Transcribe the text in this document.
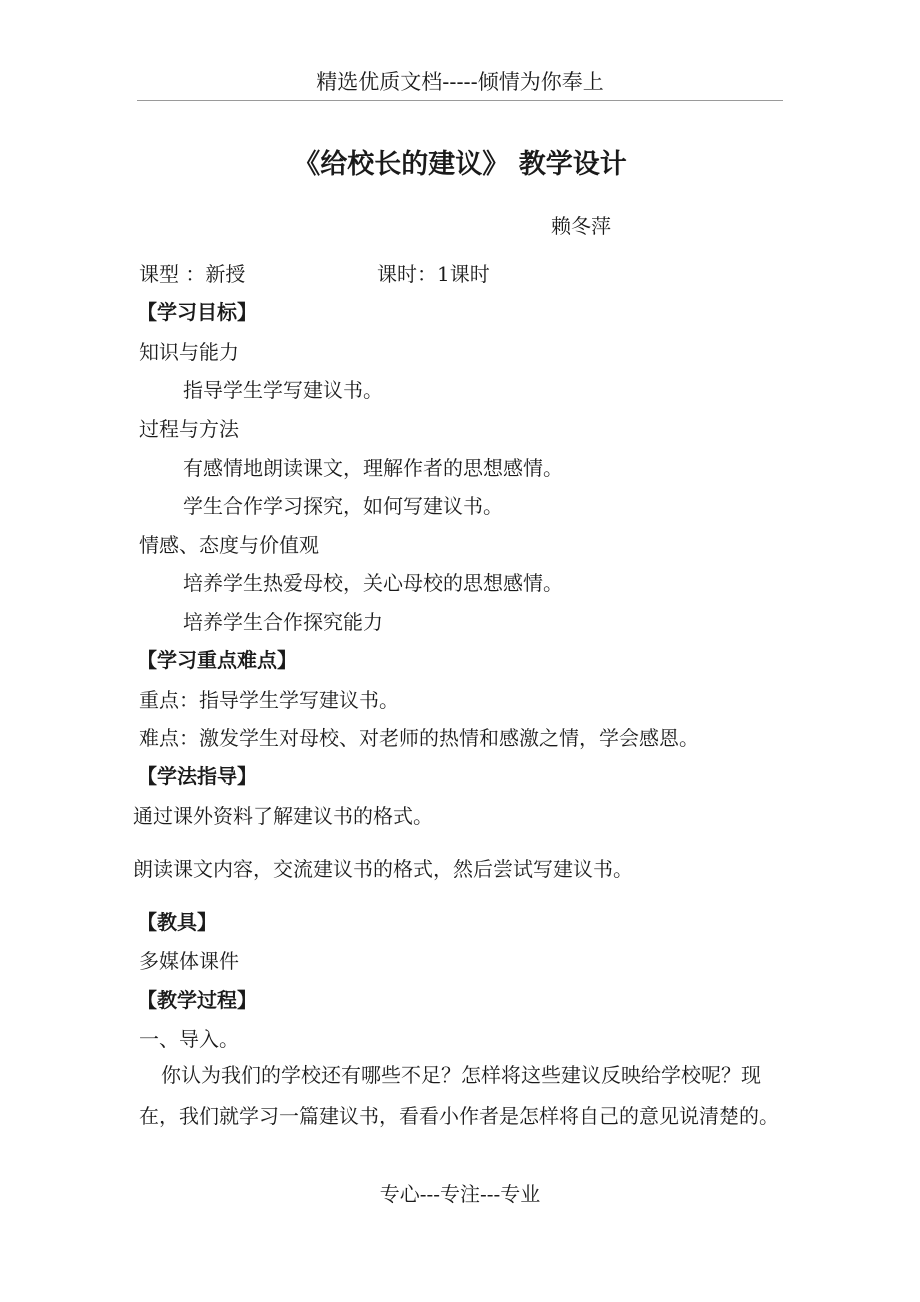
精选优质文档-----倾情为你奉上
《给校长的建议》 教学设计
赖冬萍
课型 ：新授	课时：1课时
【学习目标】
知识与能力
指导学生学写建议书。
过程与方法
有感情地朗读课文，理解作者的思想感情。
学生合作学习探究，如何写建议书。
情感、态度与价值观
培养学生热爱母校，关心母校的思想感情。
培养学生合作探究能力
【学习重点难点】
重点：指导学生学写建议书。
难点：激发学生对母校、对老师的热情和感激之情，学会感恩。
【学法指导】
通过课外资料了解建议书的格式。
朗读课文内容，交流建议书的格式，然后尝试写建议书。
【教具】
多媒体课件
【教学过程】
一、导入。
你认为我们的学校还有哪些不足？怎样将这些建议反映给学校呢？现在，我们就学习一篇建议书，看看小作者是怎样将自己的意见说清楚的。
专心---专注---专业
